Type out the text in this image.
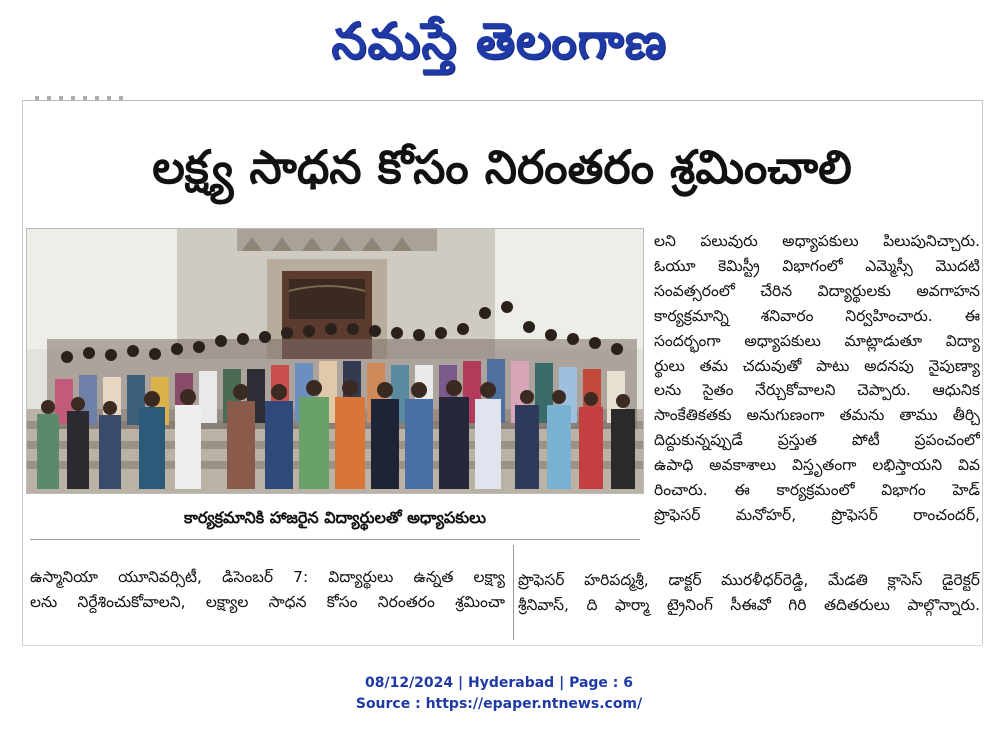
నమస్తే తెలంగాణ
లక్ష్య సాధన కోసం నిరంతరం శ్రమించాలి
కార్యక్రమానికి హాజరైన విద్యార్థులతో అధ్యాపకులు
లని పలువురు అధ్యాపకులు పిలుపునిచ్చారు.
ఓయూ కెమిస్ట్రీ విభాగంలో ఎమ్మెస్సీ మొదటి
సంవత్సరంలో చేరిన విద్యార్థులకు అవగాహన
కార్యక్రమాన్ని శనివారం నిర్వహించారు. ఈ
సందర్భంగా అధ్యాపకులు మాట్లాడుతూ విద్యా
ర్థులు తమ చదువుతో పాటు అదనపు నైపుణ్యా
లను సైతం నేర్చుకోవాలని చెప్పారు. ఆధునిక
సాంకేతికతకు అనుగుణంగా తమను తాము తీర్చి
దిద్దుకున్నప్పుడే ప్రస్తుత పోటీ ప్రపంచంలో
ఉపాధి అవకాశాలు విస్తృతంగా లభిస్తాయని వివ
రించారు. ఈ కార్యక్రమంలో విభాగం హెడ్
ప్రొఫెసర్ మనోహర్, ప్రొఫెసర్ రాంచందర్,
ప్రొఫెసర్ హరిపద్మశ్రీ, డాక్టర్ మురళీధర్‌రెడ్డి, మేడతి క్లాసెస్ డైరెక్టర్
శ్రీనివాస్, ది ఫార్మా ట్రైనింగ్ సీఈవో గిరి తదితరులు పాల్గొన్నారు.
ఉస్మానియా యూనివర్సిటీ, డిసెంబర్ 7: విద్యార్థులు ఉన్నత లక్ష్యా
లను నిర్దేశించుకోవాలని, లక్ష్యాల సాధన కోసం నిరంతరం శ్రమించా
08/12/2024 | Hyderabad | Page : 6
Source : https://epaper.ntnews.com/
